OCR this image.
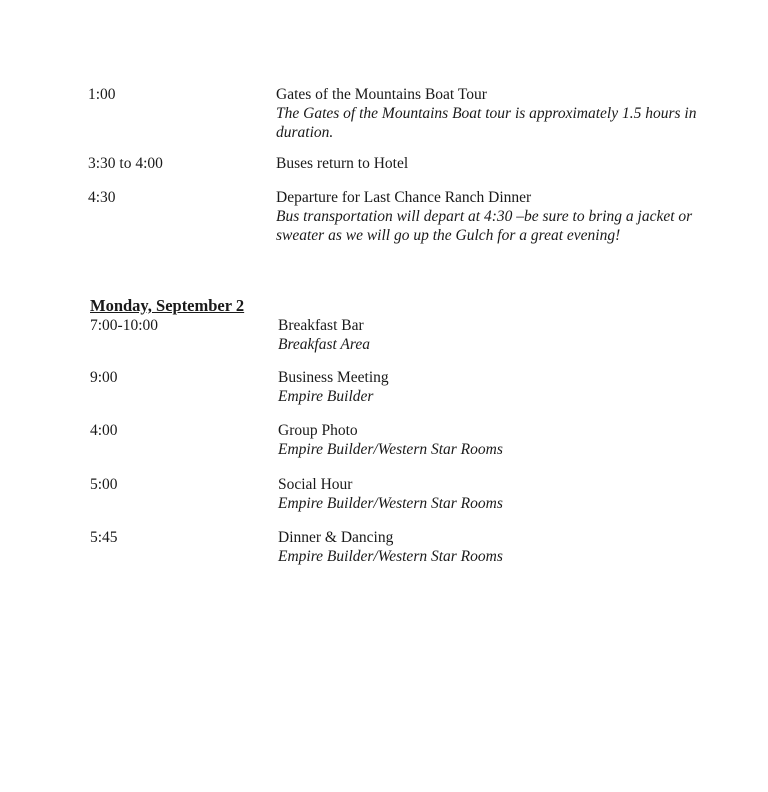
1:00	Gates of the Mountains Boat Tour
The Gates of the Mountains Boat tour is approximately 1.5 hours in duration.
3:30 to 4:00	Buses return to Hotel
4:30	Departure for Last Chance Ranch Dinner
Bus transportation will depart at 4:30 –be sure to bring a jacket or sweater as we will go up the Gulch for a great evening!
Monday, September 2
7:00-10:00	Breakfast Bar
Breakfast Area
9:00	Business Meeting
Empire Builder
4:00	Group Photo
Empire Builder/Western Star Rooms
5:00	Social Hour
Empire Builder/Western Star Rooms
5:45	Dinner & Dancing
Empire Builder/Western Star Rooms
